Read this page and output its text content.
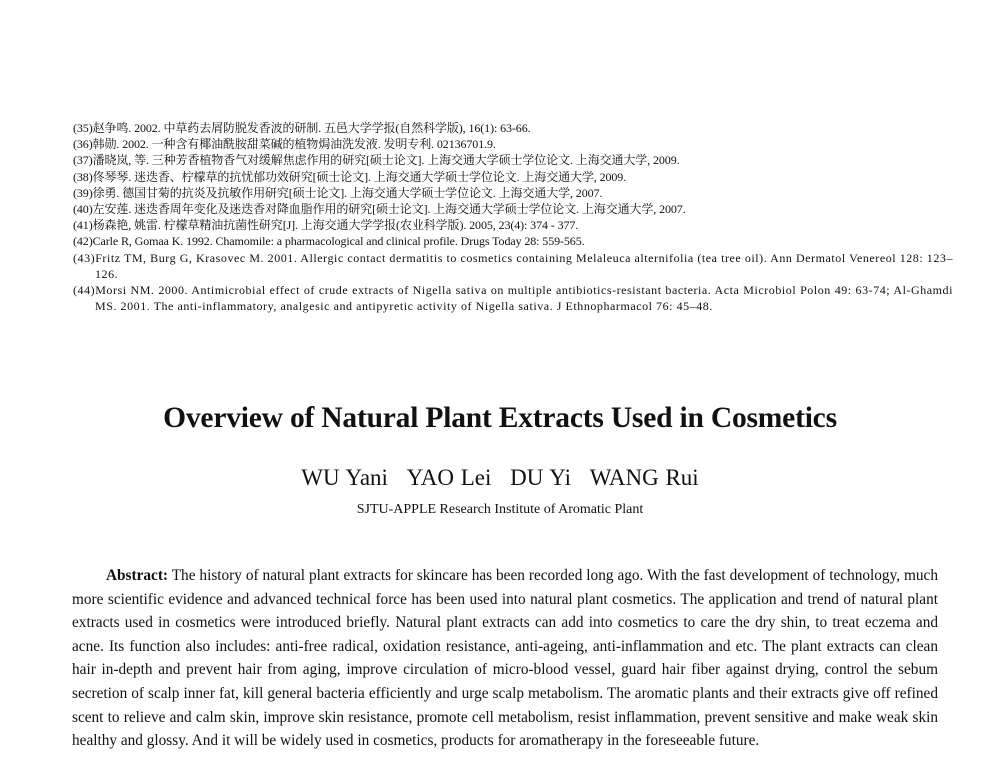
(35)赵争鸣. 2002. 中草药去屑防脱发香波的研制. 五邑大学学报(自然科学版), 16(1): 63-66.
(36)韩勋. 2002. 一种含有椰油酰胺甜菜碱的植物焗油洗发液. 发明专利. 02136701.9.
(37)潘晓岚, 等. 三种芳香植物香气对缓解焦虑作用的研究[硕士论文]. 上海交通大学硕士学位论文. 上海交通大学, 2009.
(38)佟琴琴. 迷迭香、柠檬草的抗忧郁功效研究[硕士论文]. 上海交通大学硕士学位论文. 上海交通大学, 2009.
(39)徐勇. 德国甘菊的抗炎及抗敏作用研究[硕士论文]. 上海交通大学硕士学位论文. 上海交通大学, 2007.
(40)左安莲. 迷迭香周年变化及迷迭香对降血脂作用的研究[硕士论文]. 上海交通大学硕士学位论文. 上海交通大学, 2007.
(41)杨森艳, 姚雷. 柠檬草精油抗菌性研究[J]. 上海交通大学学报(农业科学版). 2005, 23(4): 374 - 377.
(42)Carle R, Gomaa K. 1992. Chamomile: a pharmacological and clinical profile. Drugs Today 28: 559-565.
(43)Fritz TM, Burg G, Krasovec M. 2001. Allergic contact dermatitis to cosmetics containing Melaleuca alternifolia (tea tree oil). Ann Dermatol Venereol 128: 123–126.
(44)Morsi NM. 2000. Antimicrobial effect of crude extracts of Nigella sativa on multiple antibiotics-resistant bacteria. Acta Microbiol Polon 49: 63-74; Al-Ghamdi MS. 2001. The anti-inflammatory, analgesic and antipyretic activity of Nigella sativa. J Ethnopharmacol 76: 45–48.
Overview of Natural Plant Extracts Used in Cosmetics
WU Yani YAO Lei DU Yi WANG Rui
SJTU-APPLE Research Institute of Aromatic Plant

Abstract: The history of natural plant extracts for skincare has been recorded long ago. With the fast development of technology, much more scientific evidence and advanced technical force has been used into natural plant cosmetics. The application and trend of natural plant extracts used in cosmetics were introduced briefly. Natural plant extracts can add into cosmetics to care the dry shin, to treat eczema and acne. Its function also includes: anti-free radical, oxidation resistance, anti-ageing, anti-inflammation and etc. The plant extracts can clean hair in-depth and prevent hair from aging, improve circulation of micro-blood vessel, guard hair fiber against drying, control the sebum secretion of scalp inner fat, kill general bacteria efficiently and urge scalp metabolism. The aromatic plants and their extracts give off refined scent to relieve and calm skin, improve skin resistance, promote cell metabolism, resist inflammation, prevent sensitive and make weak skin healthy and glossy. And it will be widely used in cosmetics, products for aromatherapy in the foreseeable future.
